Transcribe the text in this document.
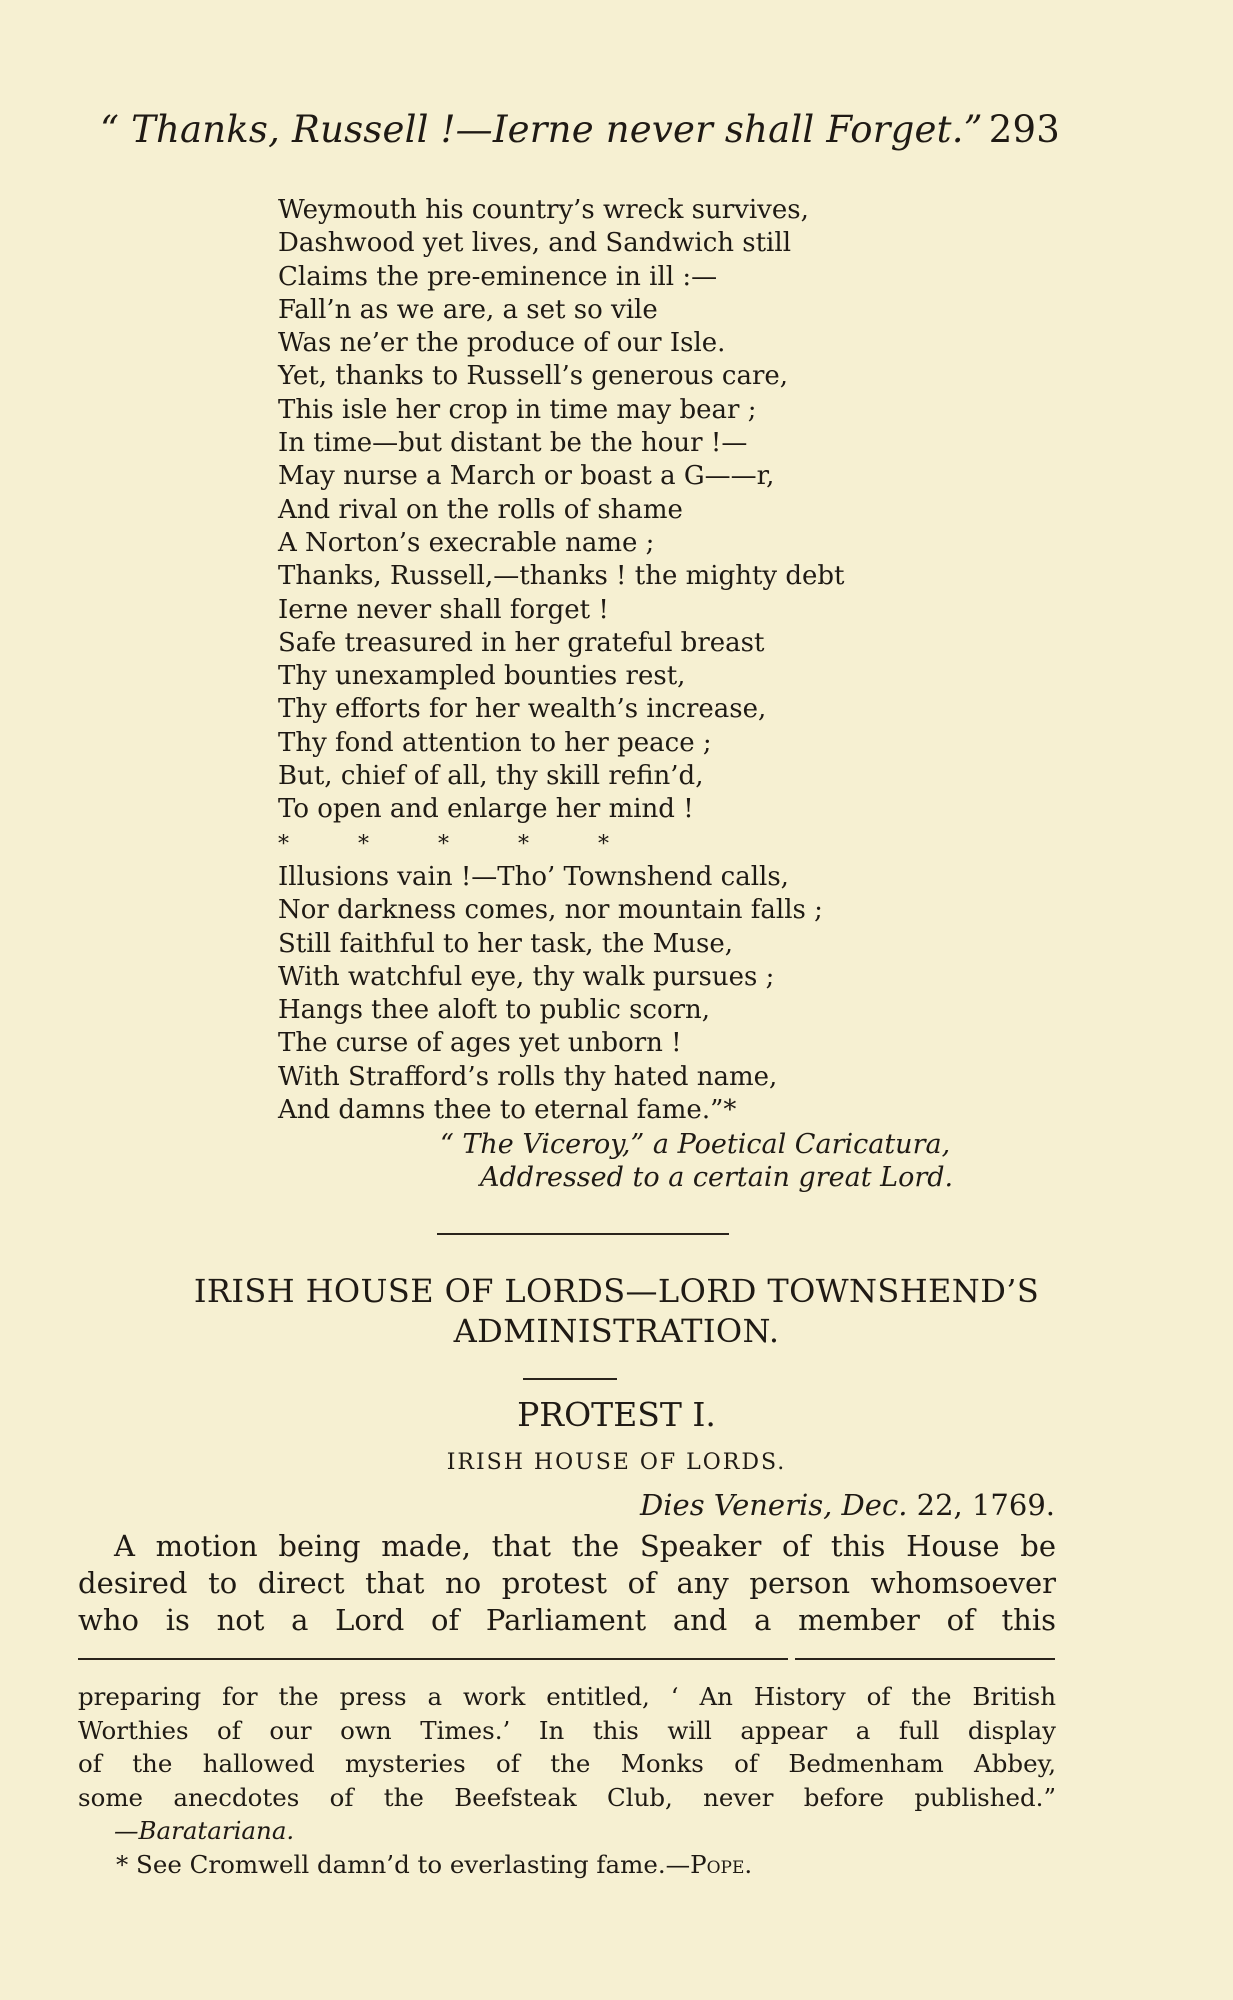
“ Thanks, Russell !—Ierne never shall Forget.” 293
Weymouth his country’s wreck survives,
Dashwood yet lives, and Sandwich still
Claims the pre-eminence in ill :—
Fall’n as we are, a set so vile
Was ne’er the produce of our Isle.
Yet, thanks to Russell’s generous care,
This isle her crop in time may bear ;
In time—but distant be the hour !—
May nurse a March or boast a G——r,
And rival on the rolls of shame
A Norton’s execrable name ;
Thanks, Russell,—thanks ! the mighty debt
Ierne never shall forget !
Safe treasured in her grateful breast
Thy unexampled bounties rest,
Thy efforts for her wealth’s increase,
Thy fond attention to her peace ;
But, chief of all, thy skill refin’d,
To open and enlarge her mind !
*	*	*	*	*
Illusions vain !—Tho’ Townshend calls,
Nor darkness comes, nor mountain falls ;
Still faithful to her task, the Muse,
With watchful eye, thy walk pursues ;
Hangs thee aloft to public scorn,
The curse of ages yet unborn !
With Strafford’s rolls thy hated name,
And damns thee to eternal fame.”*
“ The Viceroy,” a Poetical Caricatura,
Addressed to a certain great Lord.
IRISH HOUSE OF LORDS—LORD TOWNSHEND’S
ADMINISTRATION.
PROTEST I.
IRISH HOUSE OF LORDS.
Dies Veneris, Dec. 22, 1769.
A motion being made, that the Speaker of this House be
desired to direct that no protest of any person whomsoever
who is not a Lord of Parliament and a member of this
preparing for the press a work entitled, ‘ An History of the British
Worthies of our own Times.’ In this will appear a full display
of the hallowed mysteries of the Monks of Bedmenham Abbey,
some anecdotes of the Beefsteak Club, never before published.”
—Baratariana.
* See Cromwell damn’d to everlasting fame.—Pope.
